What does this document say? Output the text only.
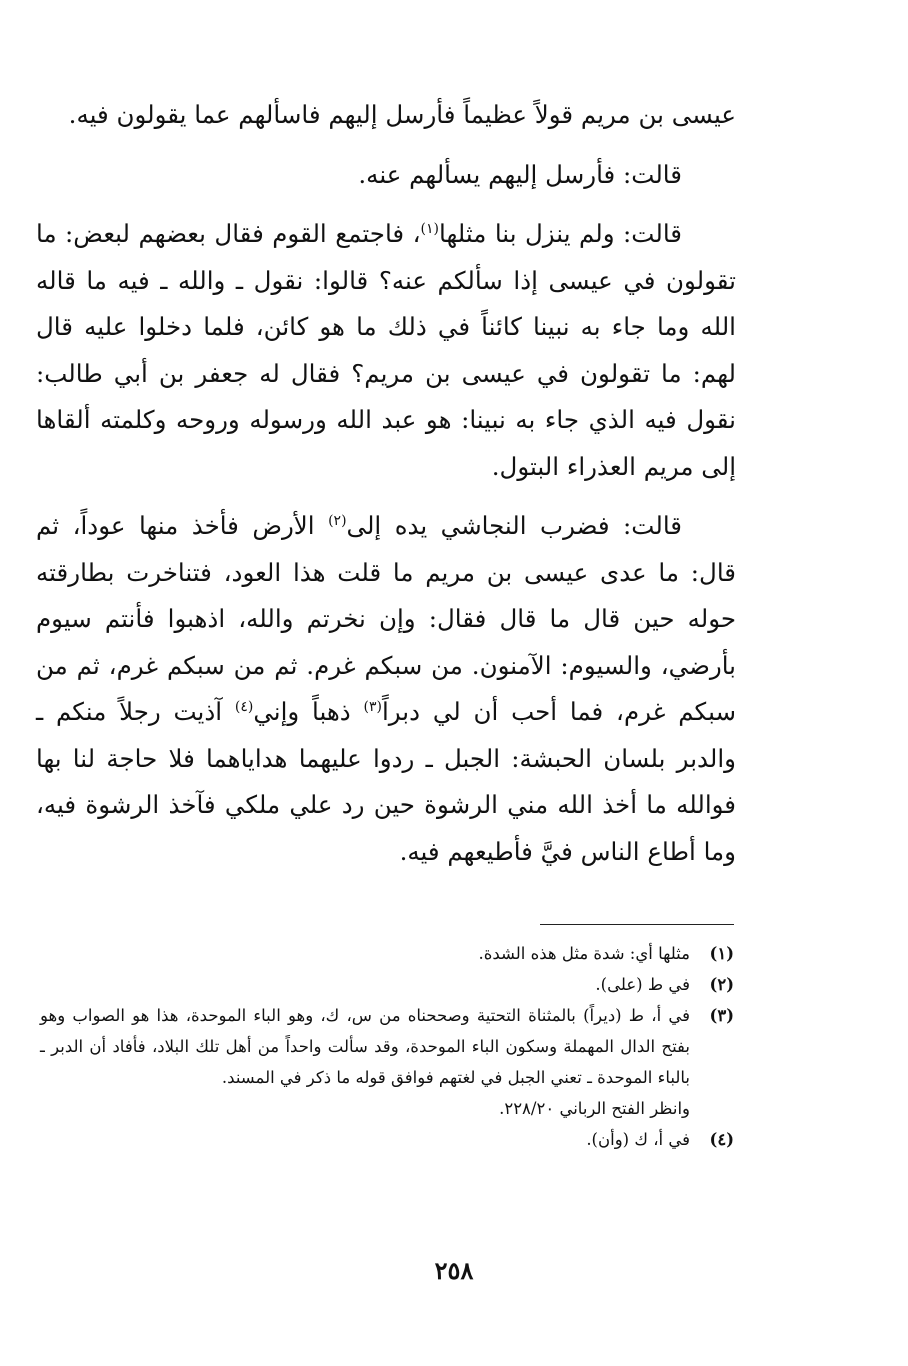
عيسى بن مريم قولاً عظيماً فأرسل إليهم فاسألهم عما يقولون فيه.

قالت: فأرسل إليهم يسألهم عنه.

قالت: ولم ينزل بنا مثلها$^{(١)}$، فاجتمع القوم فقال بعضهم لبعض: ما تقولون في عيسى إذا سألكم عنه؟ قالوا: نقول ـ والله ـ فيه ما قاله الله وما جاء به نبينا كائناً في ذلك ما هو كائن، فلما دخلوا عليه قال لهم: ما تقولون في عيسى بن مريم؟ فقال له جعفر بن أبي طالب: نقول فيه الذي جاء به نبينا: هو عبد الله ورسوله وروحه وكلمته ألقاها إلى مريم العذراء البتول.

قالت: فضرب النجاشي يده إلى$^{(٢)}$ الأرض فأخذ منها عوداً، ثم قال: ما عدى عيسى بن مريم ما قلت هذا العود، فتناخرت بطارقته حوله حين قال ما قال فقال: وإن نخرتم والله، اذهبوا فأنتم سيوم بأرضي، والسيوم: الآمنون. من سبكم غرم. ثم من سبكم غرم، ثم من سبكم غرم، فما أحب أن لي دبراً$^{(٣)}$ ذهباً وإني$^{(٤)}$ آذيت رجلاً منكم ـ والدبر بلسان الحبشة: الجبل ـ ردوا عليهما هداياهما فلا حاجة لنا بها فوالله ما أخذ الله مني الرشوة حين رد علي ملكي فآخذ الرشوة فيه، وما أطاع الناس فيَّ فأطيعهم فيه.

(١)
مثلها أي: شدة مثل هذه الشدة.
(٢)
في ط (على).
(٣)
في أ، ط (ديراً) بالمثناة التحتية وصححناه من س، ك، وهو الباء الموحدة، هذا هو الصواب وهو بفتح الدال المهملة وسكون الباء الموحدة، وقد سألت واحداً من أهل تلك البلاد، فأفاد أن الدبر ـ بالباء الموحدة ـ تعني الجبل في لغتهم فوافق قوله ما ذكر في المسند.
وانظر الفتح الرباني ٢٢٨/٢٠.
(٤)
في أ، ك (وأن).
٢٥٨
